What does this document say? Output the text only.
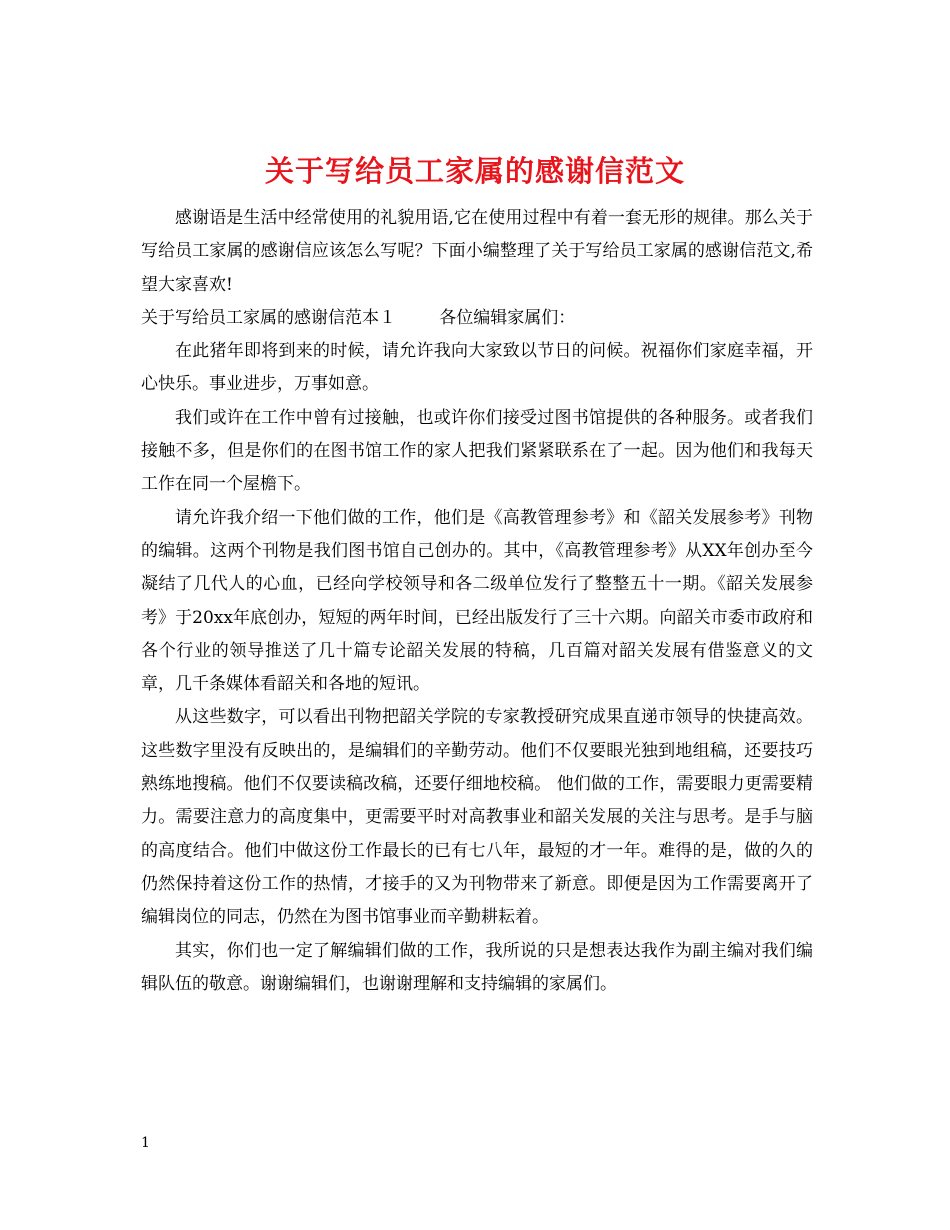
关于写给员工家属的感谢信范文

感谢语是生活中经常使用的礼貌用语,它在使用过程中有着一套无形的规律。那么关于写给员工家属的感谢信应该怎么写呢？下面小编整理了关于写给员工家属的感谢信范文,希望大家喜欢!

关于写给员工家属的感谢信范本１	各位编辑家属们：

在此猪年即将到来的时候，请允许我向大家致以节日的问候。祝福你们家庭幸福，开心快乐。事业进步，万事如意。

我们或许在工作中曾有过接触，也或许你们接受过图书馆提供的各种服务。或者我们接触不多，但是你们的在图书馆工作的家人把我们紧紧联系在了一起。因为他们和我每天工作在同一个屋檐下。

请允许我介绍一下他们做的工作，他们是《高教管理参考》和《韶关发展参考》刊物的编辑。这两个刊物是我们图书馆自己创办的。其中，《高教管理参考》从XX年创办至今凝结了几代人的心血，已经向学校领导和各二级单位发行了整整五十一期。《韶关发展参考》于20xx年底创办，短短的两年时间，已经出版发行了三十六期。向韶关市委市政府和各个行业的领导推送了几十篇专论韶关发展的特稿，几百篇对韶关发展有借鉴意义的文章，几千条媒体看韶关和各地的短讯。

从这些数字，可以看出刊物把韶关学院的专家教授研究成果直递市领导的快捷高效。这些数字里没有反映出的，是编辑们的辛勤劳动。他们不仅要眼光独到地组稿，还要技巧熟练地搜稿。他们不仅要读稿改稿，还要仔细地校稿。 他们做的工作，需要眼力更需要精力。需要注意力的高度集中，更需要平时对高教事业和韶关发展的关注与思考。是手与脑的高度结合。他们中做这份工作最长的已有七八年，最短的才一年。难得的是，做的久的仍然保持着这份工作的热情，才接手的又为刊物带来了新意。即便是因为工作需要离开了编辑岗位的同志，仍然在为图书馆事业而辛勤耕耘着。

其实，你们也一定了解编辑们做的工作，我所说的只是想表达我作为副主编对我们编辑队伍的敬意。谢谢编辑们，也谢谢理解和支持编辑的家属们。

1
